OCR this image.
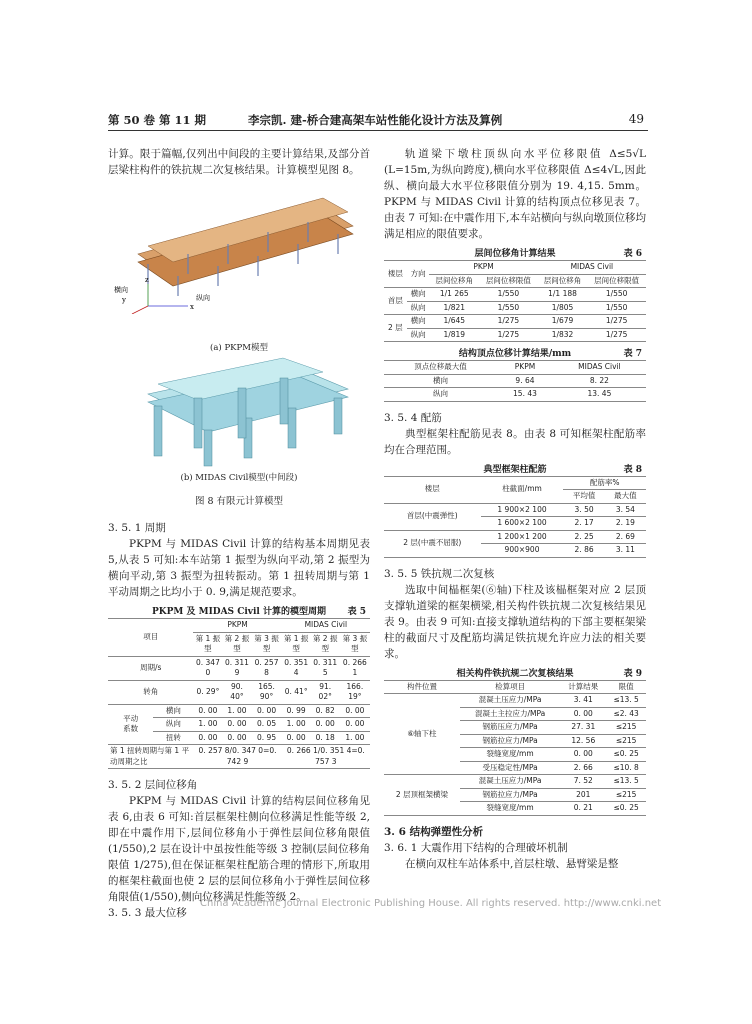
第 50 卷 第 11 期	李宗凯. 建-桥合建高架车站性能化设计方法及算例	49

计算。限于篇幅,仅列出中间段的主要计算结果,及部分首层梁柱构件的铁抗规二次复核结果。计算模型见图 8。

x
y
z
横向
纵向
(a) PKPM模型
(b) MIDAS Civil模型(中间段)
图 8 有限元计算模型

3. 5. 1 周期

PKPM 与 MIDAS Civil 计算的结构基本周期见表 5,从表 5 可知:本车站第 1 振型为纵向平动,第 2 振型为横向平动,第 3 振型为扭转振动。第 1 扭转周期与第 1 平动周期之比均小于 0. 9,满足规范要求。

PKPM 及 MIDAS Civil 计算的模型周期	表 5
项目		PKPM			MIDAS Civil		
		第 1 振型	第 2 振型	第 3 振型	第 1 振型	第 2 振型	第 3 振型
周期/s		0. 347 0	0. 311 9	0. 257 8	0. 351 4	0. 311 5	0. 266 1
转角		0. 29°	90. 40°	165. 90°	0. 41°	91. 02°	166. 19°
平动系数	横向	0. 00	1. 00	0. 00	0. 99	0. 82	0. 00
	纵向	1. 00	0. 00	0. 05	1. 00	0. 00	0. 00
	扭转	0. 00	0. 00	0. 95	0. 00	0. 18	1. 00
第 1 扭转周期与第 1 平动周期之比		0. 257 8/0. 347 0=0. 742 9			0. 266 1/0. 351 4=0. 757 3		

3. 5. 2 层间位移角

PKPM 与 MIDAS Civil 计算的结构层间位移角见表 6,由表 6 可知:首层框架柱侧向位移满足性能等级 2,即在中震作用下,层间位移角小于弹性层间位移角限值(1/550),2 层在设计中虽按性能等级 3 控制(层间位移角限值 1/275),但在保证框架柱配筋合理的情形下,所取用的框架柱截面也使 2 层的层间位移角小于弹性层间位移角限值(1/550),侧向位移满足性能等级 2。

3. 5. 3 最大位移

轨道梁下墩柱顶纵向水平位移限值 Δ≤5√L (L=15m,为纵向跨度),横向水平位移限值 Δ≤4√L,因此纵、横向最大水平位移限值分别为 19. 4,15. 5mm。PKPM 与 MIDAS Civil 计算的结构顶点位移见表 7。由表 7 可知:在中震作用下,本车站横向与纵向墩顶位移均满足相应的限值要求。

层间位移角计算结果	表 6
楼层	方向	PKPM		MIDAS Civil	
		层间位移角	层间位移限值	层间位移角	层间位移限值
首层	横向	1/1 265	1/550	1/1 188	1/550
	纵向	1/821	1/550	1/805	1/550
2 层	横向	1/645	1/275	1/679	1/275
	纵向	1/819	1/275	1/832	1/275
结构顶点位移计算结果/mm	表 7
顶点位移最大值	PKPM	MIDAS Civil
横向	9. 64	8. 22
纵向	15. 43	13. 45

3. 5. 4 配筋

典型框架柱配筋见表 8。由表 8 可知框架柱配筋率均在合理范围。

典型框架柱配筋	表 8
楼层	柱截面/mm	配筋率%	
		平均值	最大值
首层(中震弹性)	1 900×2 100	3. 50	3. 54
	1 600×2 100	2. 17	2. 19
2 层(中震不屈服)	1 200×1 200	2. 25	2. 69
	900×900	2. 86	3. 11

3. 5. 5 铁抗规二次复核

选取中间榀框架(⑥轴)下柱及该榀框架对应 2 层顶支撑轨道梁的框架横梁,相关构件铁抗规二次复核结果见表 9。由表 9 可知:直接支撑轨道结构的下部主要框架梁柱的截面尺寸及配筋均满足铁抗规允许应力法的相关要求。

相关构件铁抗规二次复核结果	表 9
构件位置	检算项目	计算结果	限值
⑥轴下柱	混凝土压应力/MPa	3. 41	≤13. 5
	混凝土主拉应力/MPa	0. 00	≤2. 43
	钢筋压应力/MPa	27. 31	≤215
	钢筋拉应力/MPa	12. 56	≤215
	裂缝宽度/mm	0. 00	≤0. 25
	受压稳定性/MPa	2. 66	≤10. 8
2 层顶框架横梁	混凝土压应力/MPa	7. 52	≤13. 5
	钢筋拉应力/MPa	201	≤215
	裂缝宽度/mm	0. 21	≤0. 25

3. 6 结构弹塑性分析

3. 6. 1 大震作用下结构的合理破坏机制

在横向双柱车站体系中,首层柱墩、悬臂梁是整

China Academic Journal Electronic Publishing House. All rights reserved. http://www.cnki.net
